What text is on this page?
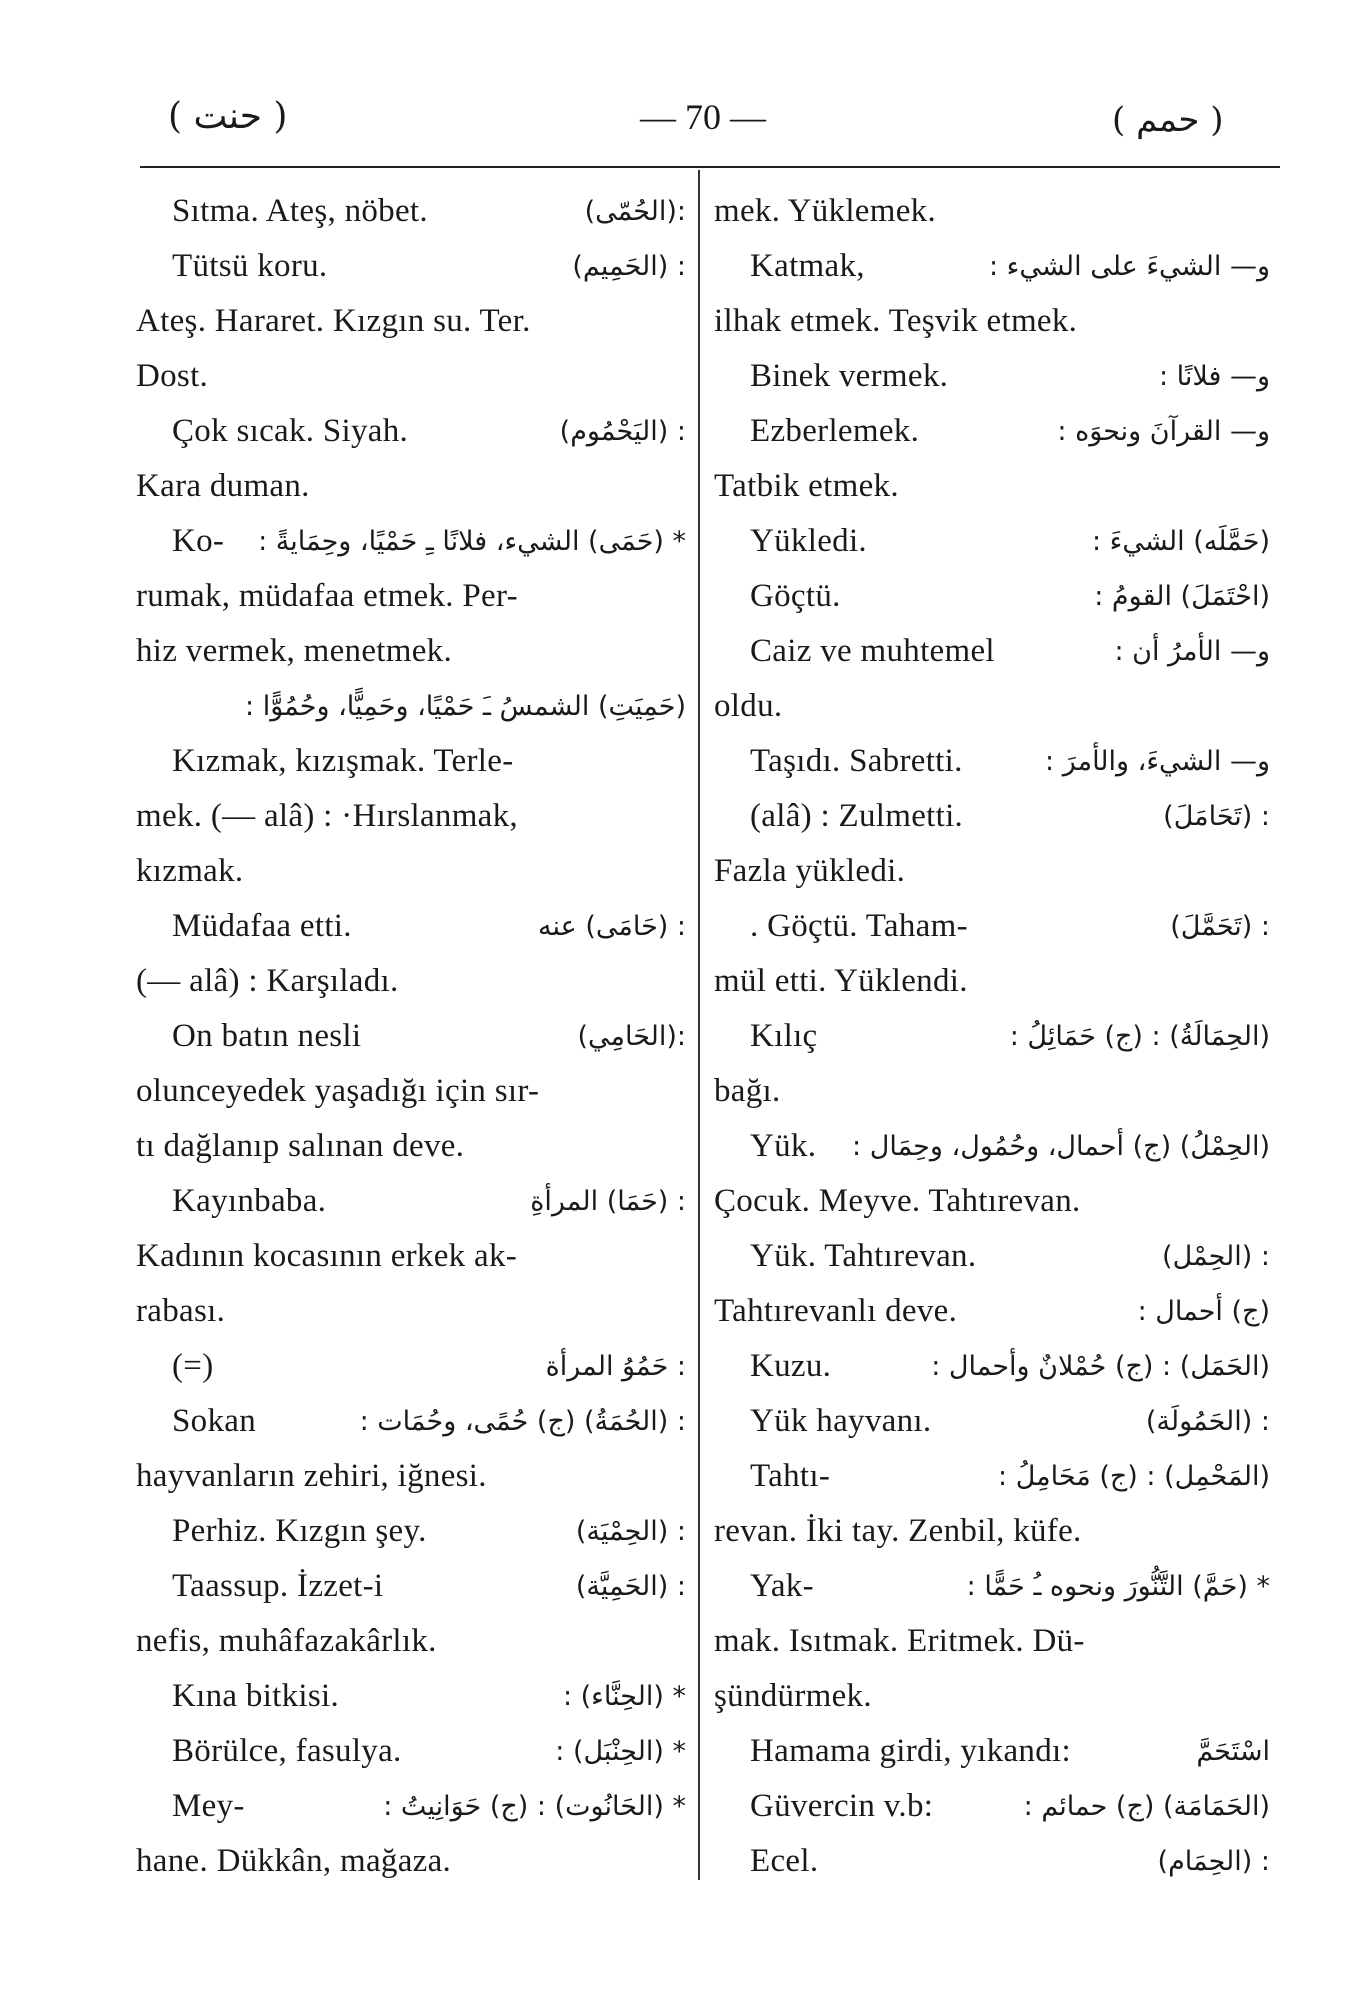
( حنت )	— 70 —	( حمم )
Sıtma. Ateş, nöbet.	:(الحُمّى)
Tütsü koru.	: (الحَمِيم)
Ateş. Hararet. Kızgın su. Ter.
Dost.
Çok sıcak. Siyah.	: (اليَحْمُوم)
Kara duman.
Ko- * (حَمَى) الشيء، فلانًا ـِ حَمْيًا، وحِمَايةً :
rumak, müdafaa etmek. Per-
hiz vermek, menetmek.
(حَمِيَتِ) الشمسُ ـَ حَمْيًا، وحَمِيًّا، وحُمُوًّا :
Kızmak, kızışmak. Terle-
mek. (— alâ) : ·Hırslanmak,
kızmak.
Müdafaa etti.	: (حَامَى) عنه
(— alâ) : Karşıladı.
On batın nesli	:(الحَامِي)
olunceyedek yaşadığı için sır-
tı dağlanıp salınan deve.
Kayınbaba.	: (حَمَا) المرأةِ
Kadının kocasının erkek ak-
rabası.
(=)	: حَمُوُ المرأة
Sokan	: (الحُمَةُ) (ج) حُمًى، وحُمَات :
hayvanların zehiri, iğnesi.
Perhiz. Kızgın şey.	: (الحِمْيَة)
Taassup. İzzet-i	: (الحَمِيَّة)
nefis, muhâfazakârlık.
Kına bitkisi.	* (الحِنَّاء) :
Börülce, fasulya.	* (الحِنْبَل) :
Mey-	* (الحَانُوت) : (ج) حَوَانِيتُ :
hane. Dükkân, mağaza.
mek. Yüklemek.
Katmak,	و— الشيءَ على الشيء :
ilhak etmek. Teşvik etmek.
Binek vermek.	و— فلانًا :
Ezberlemek.	و— القرآنَ ونحوَه :
Tatbik etmek.
Yükledi.	(حَمَّلَه) الشيءَ :
Göçtü.	(احْتَمَلَ) القومُ :
Caiz ve muhtemel	و— الأمرُ أن :
oldu.
Taşıdı. Sabretti.	و— الشيءَ، والأمرَ :
(alâ) : Zulmetti.	: (تَحَامَلَ)
Fazla yükledi.
. Göçtü. Taham-	: (تَحَمَّلَ)
mül etti. Yüklendi.
Kılıç	(الحِمَالَةُ) : (ج) حَمَائِلُ :
bağı.
Yük. (الحِمْلُ) (ج) أحمال، وحُمُول، وحِمَال :
Çocuk. Meyve. Tahtırevan.
Yük. Tahtırevan.	: (الحِمْل)
Tahtırevanlı deve.	(ج) أحمال :
Kuzu.	(الحَمَل) : (ج) حُمْلانٌ وأحمال :
Yük hayvanı.	: (الحَمُولَة)
Tahtı-	(المَحْمِل) : (ج) مَحَامِلُ :
revan. İki tay. Zenbil, küfe.
Yak-	* (حَمَّ) التَّنُّورَ ونحوه ـُ حَمًّا :
mak. Isıtmak. Eritmek. Dü-
şündürmek.
Hamama girdi, yıkandı:	اسْتَحَمَّ
Güvercin v.b:	(الحَمَامَة) (ج) حمائم :
Ecel.	: (الحِمَام)
